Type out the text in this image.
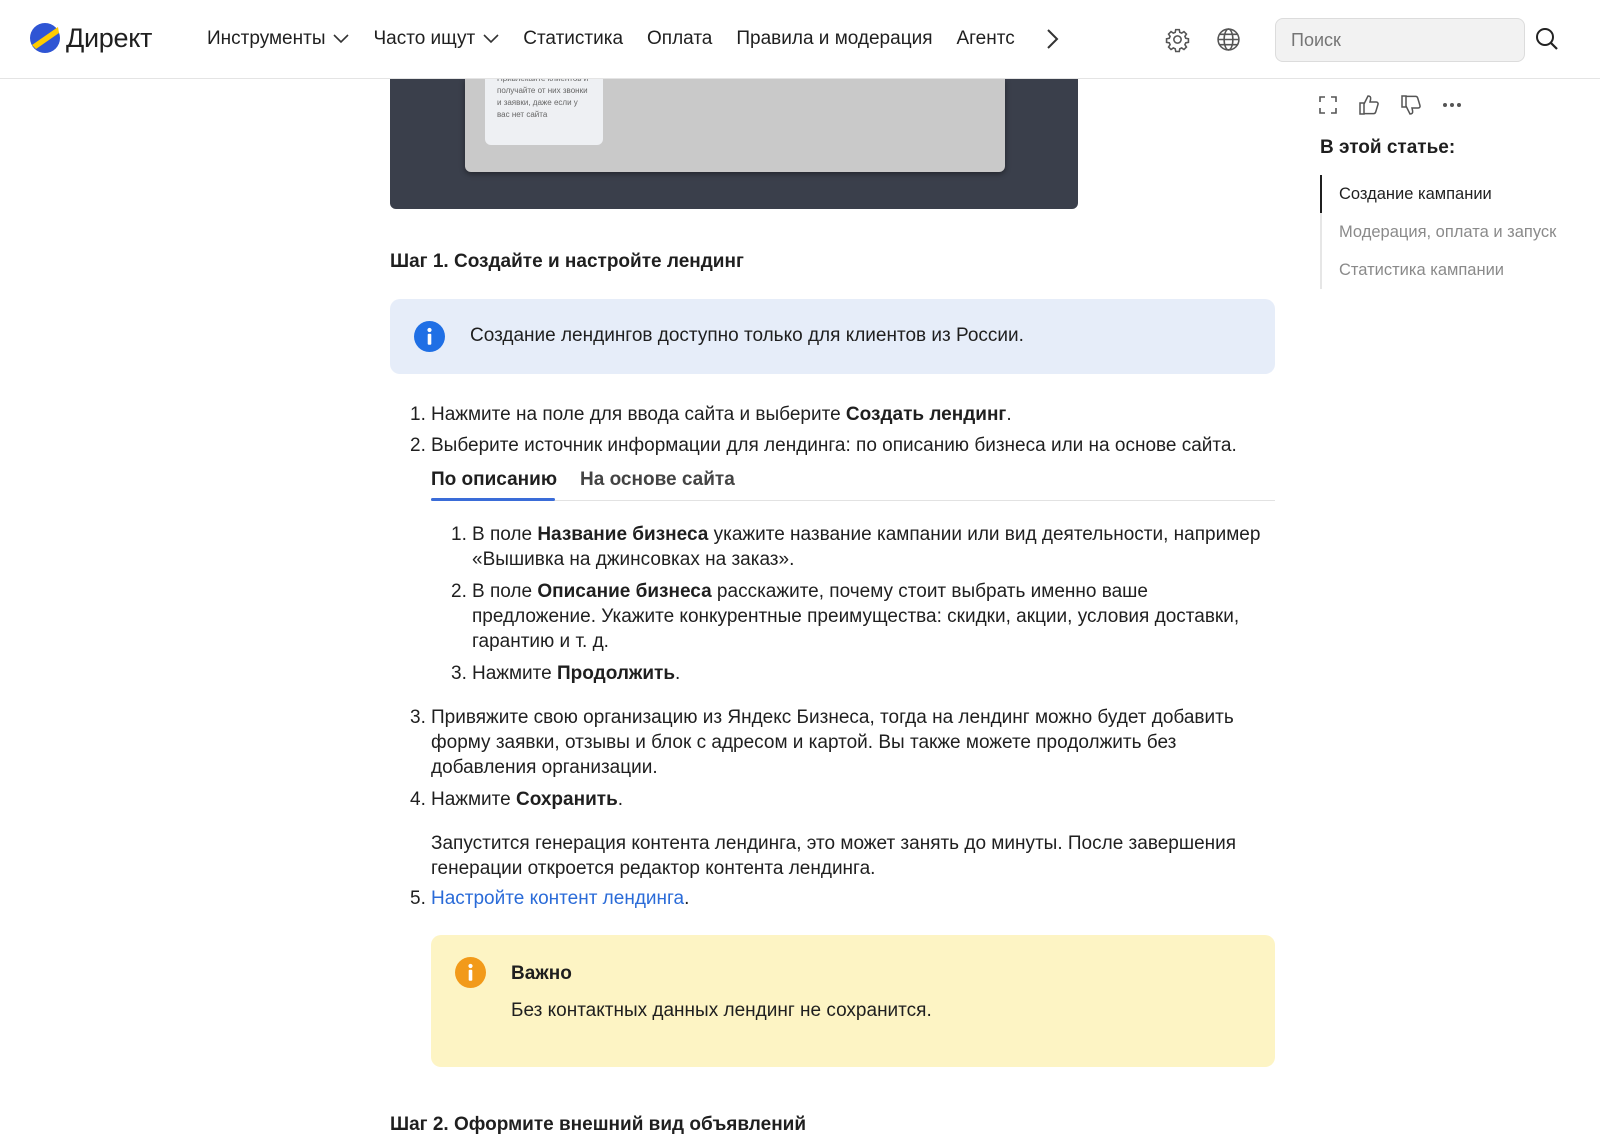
Директ	Инструменты	Часто ищут	Статистика Оплата Правила и модерация Агентс
Поиск
получайте от них звонки и заявки, даже если у вас нет сайта
Шаг 1. Создайте и настройте лендинг
Создание лендингов доступно только для клиентов из России.
1. Нажмите на поле для ввода сайта и выберите Создать лендинг.
2. Выберите источник информации для лендинга: по описанию бизнеса или на основе сайта.
По описанию На основе сайта
1. В поле Название бизнеса укажите название кампании или вид деятельности, например «Вышивка на джинсовках на заказ».
2. В поле Описание бизнеса расскажите, почему стоит выбрать именно ваше предложение. Укажите конкурентные преимущества: скидки, акции, условия доставки, гарантию и т. д.
3. Нажмите Продолжить.
3. Привяжите свою организацию из Яндекс Бизнеса, тогда на лендинг можно будет добавить форму заявки, отзывы и блок с адресом и картой. Вы также можете продолжить без добавления организации.
4. Нажмите Сохранить.
Запустится генерация контента лендинга, это может занять до минуты. После завершения генерации откроется редактор контента лендинга.
5. Настройте контент лендинга.
Важно
Без контактных данных лендинг не сохранится.
Шаг 2. Оформите внешний вид объявлений
В этой статье:
Создание кампании
Модерация, оплата и запуск
Статистика кампании
